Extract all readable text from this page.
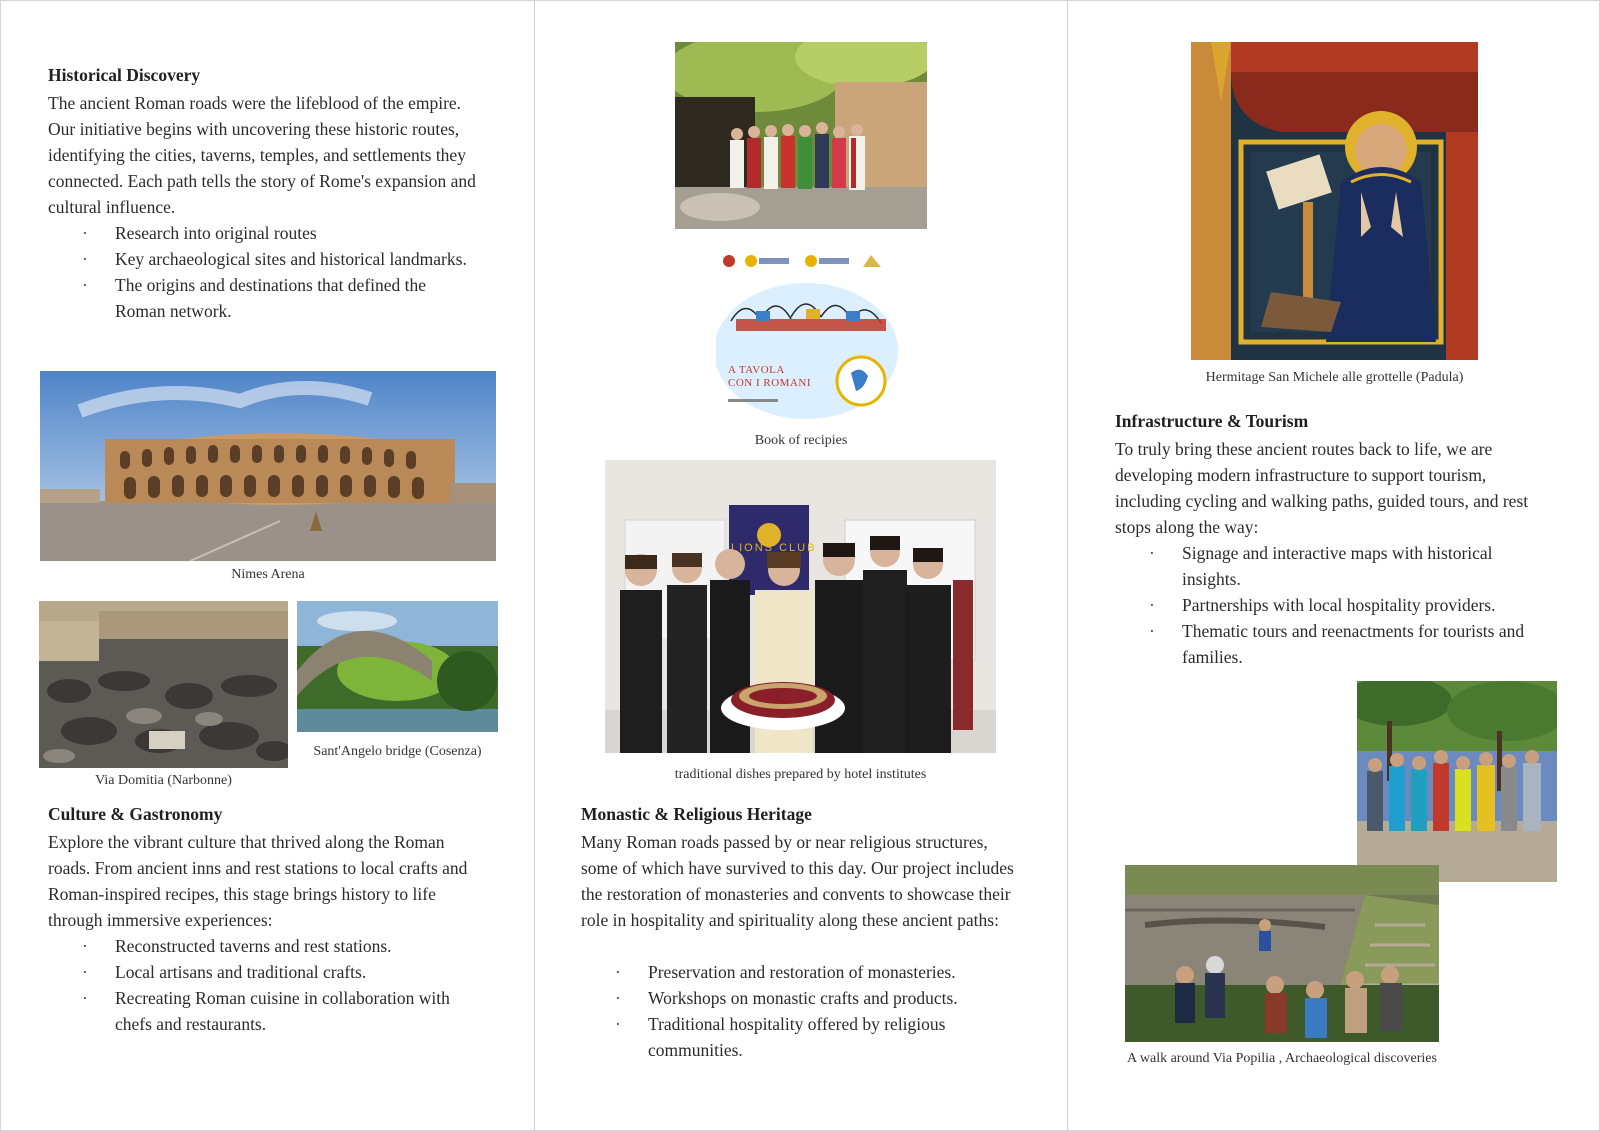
Historical Discovery
The ancient Roman roads were the lifeblood of the empire. Our initiative begins with uncovering these historic routes, identifying the cities, taverns, temples, and settlements they connected. Each path tells the story of Rome's expansion and cultural influence.
· Research into original routes
· Key archaeological sites and historical landmarks.
· The origins and destinations that defined the Roman network.
Nimes Arena
Via Domitia (Narbonne)
Sant'Angelo bridge (Cosenza)
Culture & Gastronomy
Explore the vibrant culture that thrived along the Roman roads. From ancient inns and rest stations to local crafts and Roman-inspired recipes, this stage brings history to life through immersive experiences:
· Reconstructed taverns and rest stations.
· Local artisans and traditional crafts.
· Recreating Roman cuisine in collaboration with chefs and restaurants.
A TAVOLA
CON I ROMANI
Book of recipies
LIONS CLUB
traditional dishes prepared by hotel institutes
Monastic & Religious Heritage
Many Roman roads passed by or near religious structures, some of which have survived to this day. Our project includes the restoration of monasteries and convents to showcase their role in hospitality and spirituality along these ancient paths:
· Preservation and restoration of monasteries.
· Workshops on monastic crafts and products.
· Traditional hospitality offered by religious communities.
Hermitage San Michele alle grottelle (Padula)
Infrastructure & Tourism
To truly bring these ancient routes back to life, we are developing modern infrastructure to support tourism, including cycling and walking paths, guided tours, and rest stops along the way:
· Signage and interactive maps with historical insights.
· Partnerships with local hospitality providers.
· Thematic tours and reenactments for tourists and families.
A walk around Via Popilia , Archaeological discoveries
